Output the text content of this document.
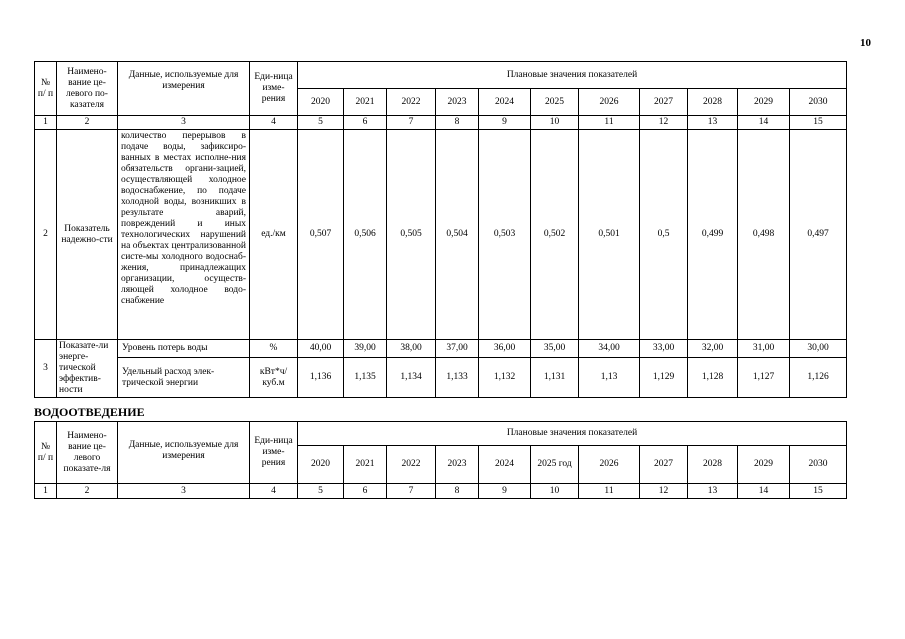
10
№ п/ п	Наимено-вание це-левого по-казателя	Данные, используемые для измерения	Еди-ница изме-рения	Плановые значения показателей										
				2020	2021	2022	2023	2024	2025	2026	2027	2028	2029	2030
1	2	3	4	5	6	7	8	9	10	11	12	13	14	15
2	Показатель надежно-сти	количество перерывов в подаче воды, зафиксиро-ванных в местах исполне-ния обязательств органи-зацией, осуществляющей холодное водоснабжение, по подаче холодной воды, возникших в результате аварий, повреждений и иных технологических нарушений на объектах централизованной систе-мы холодного водоснаб-жения, принадлежащих организации, осуществ-ляющей холодное водо-снабжение	ед./км	0,507	0,506	0,505	0,504	0,503	0,502	0,501	0,5	0,499	0,498	0,497
3	Показате-ли энерге-тической эффектив-ности	Уровень потерь воды	%	40,00	39,00	38,00	37,00	36,00	35,00	34,00	33,00	32,00	31,00	30,00
		Удельный расход элек-трической энергии	кВт*ч/ куб.м	1,136	1,135	1,134	1,133	1,132	1,131	1,13	1,129	1,128	1,127	1,126
ВОДООТВЕДЕНИЕ
№ п/ п	Наимено-вание це-левого показате-ля	Данные, используемые для измерения	Еди-ница изме-рения	Плановые значения показателей										
				2020	2021	2022	2023	2024	2025 год	2026	2027	2028	2029	2030
1	2	3	4	5	6	7	8	9	10	11	12	13	14	15
